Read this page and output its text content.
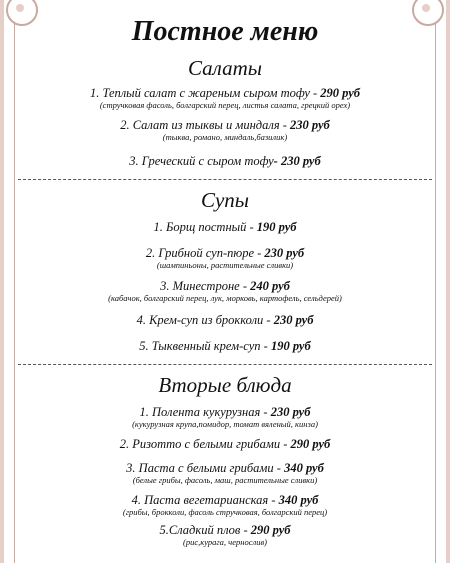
Постное меню
Салаты
1. Теплый салат с жареным сыром тофу - 290 руб
(стручковая фасоль, болгарский перец, листья салата, грецкий орех)
2. Салат из тыквы и миндаля - 230 руб
(тыква, романо, миндаль,базилик)
3. Греческий с сыром тофу- 230 руб
Супы
1. Борщ постный - 190 руб
2. Грибной суп-пюре - 230 руб
(шампиньоны, растительные сливки)
3. Минестроне - 240 руб
(кабачок, болгарский перец, лук, морковь, картофель, сельдерей)
4. Крем-суп из брокколи - 230 руб
5. Тыквенный крем-суп - 190 руб
Вторые блюда
1. Полента кукурузная - 230 руб
(кукурузная крупа,помидор, томат вяленый, кинза)
2. Ризотто с белыми грибами - 290 руб
3. Паста с белыми грибами - 340 руб
(белые грибы, фасоль, маш, растительные сливки)
4. Паста вегетарианская - 340 руб
(грибы, брокколи, фасоль стручковая, болгарский перец)
5.Сладкий плов - 290 руб
(рис,курага, чернослив)
